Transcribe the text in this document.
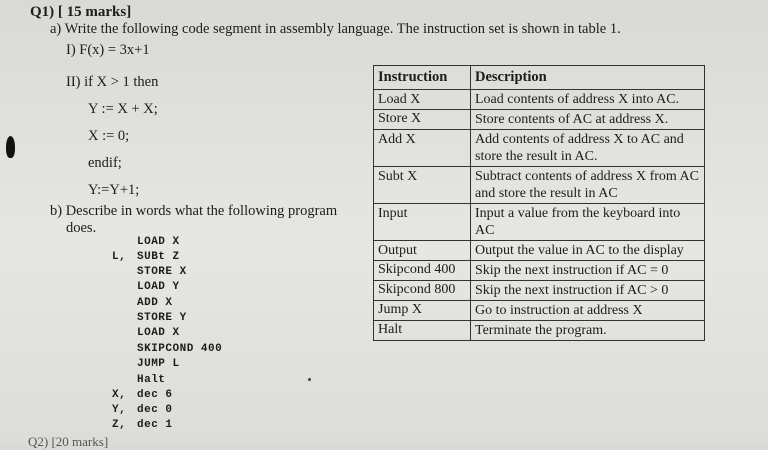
Q1) [ 15 marks]
a) Write the following code segment in assembly language. The instruction set is shown in table 1.
I) F(x) = 3x+1
II) if X > 1 then
Y := X + X;
X := 0;
endif;
Y:=Y+1;
b) Describe in words what the following program
does.
LOAD X
L, SUBt Z
STORE X
LOAD Y
ADD X
STORE Y
LOAD X
SKIPCOND 400
JUMP L
Halt
X, dec 6
Y, dec 0
Z, dec 1
Q2) [20 marks]
Instruction	Description
Load X	Load contents of address X into AC.
Store X	Store contents of AC at address X.
Add X	Add contents of address X to AC and store the result in AC.
Subt X	Subtract contents of address X from AC and store the result in AC
Input	Input a value from the keyboard into AC
Output	Output the value in AC to the display
Skipcond 400	Skip the next instruction if AC = 0
Skipcond 800	Skip the next instruction if AC > 0
Jump X	Go to instruction at address X
Halt	Terminate the program.
